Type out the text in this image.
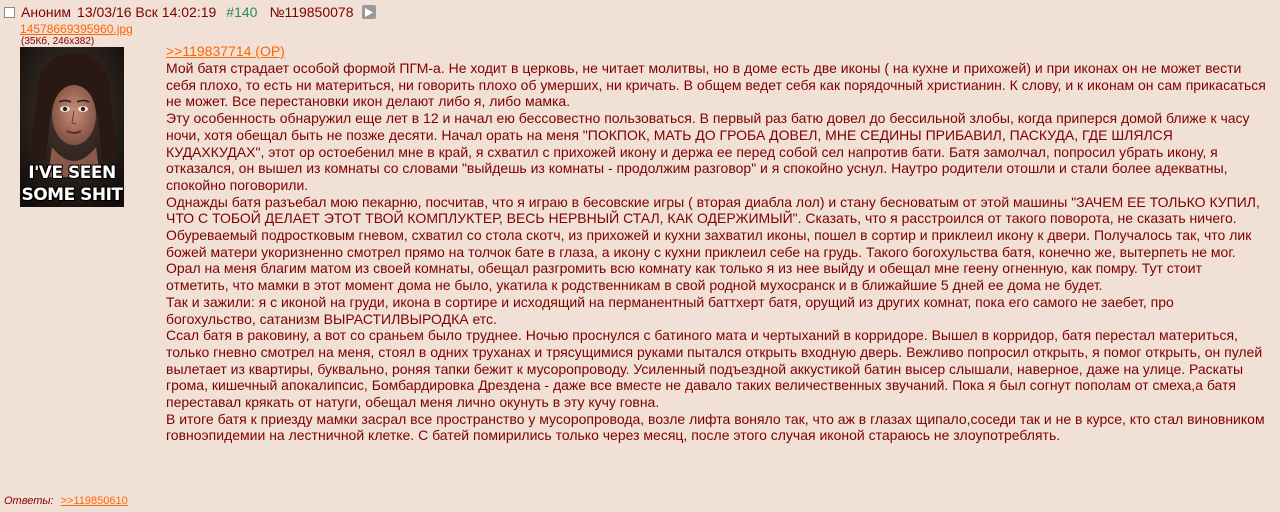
Аноним 13/03/16 Вск 14:02:19 #140 №119850078
14578669395960.jpg
(35Кб, 246x382)
I'VE SEEN
SOME SHIT
>>119837714 (OP)

Мой батя страдает особой формой ПГМ-а. Не ходит в церковь, не читает молитвы, но в доме есть две иконы ( на кухне и прихожей) и при иконах он не может вести себя плохо, то есть ни материться, ни говорить плохо об умерших, ни кричать. В общем ведет себя как порядочный христианин. К слову, и к иконам он сам прикасаться не может. Все перестановки икон делают либо я, либо мамка.

Эту особенность обнаружил еще лет в 12 и начал ею бессовестно пользоваться. В первый раз батю довел до бессильной злобы, когда приперся домой ближе к часу ночи, хотя обещал быть не позже десяти. Начал орать на меня "ПОКПОК, МАТЬ ДО ГРОБА ДОВЕЛ, МНЕ СЕДИНЫ ПРИБАВИЛ, ПАСКУДА, ГДЕ ШЛЯЛСЯ КУДАХКУДАХ", этот ор остоебенил мне в край, я схватил с прихожей икону и держа ее перед собой сел напротив бати. Батя замолчал, попросил убрать икону, я отказался, он вышел из комнаты со словами "выйдешь из комнаты - продолжим разговор" и я спокойно уснул. Наутро родители отошли и стали более адекватны, спокойно поговорили.

Однажды батя разъебал мою пекарню, посчитав, что я играю в бесовские игры ( вторая диабла лол) и стану бесноватым от этой машины "ЗАЧЕМ ЕЕ ТОЛЬКО КУПИЛ, ЧТО С ТОБОЙ ДЕЛАЕТ ЭТОТ ТВОЙ КОМПЛУКТЕР, ВЕСЬ НЕРВНЫЙ СТАЛ, КАК ОДЕРЖИМЫЙ". Сказать, что я расстроился от такого поворота, не сказать ничего. Обуреваемый подростковым гневом, схватил со стола скотч, из прихожей и кухни захватил иконы, пошел в сортир и приклеил икону к двери. Получалось так, что лик божей матери укоризненно смотрел прямо на толчок бате в глаза, а икону с кухни приклеил себе на грудь. Такого богохульства батя, конечно же, вытерпеть не мог. Орал на меня благим матом из своей комнаты, обещал разгромить всю комнату как только я из нее выйду и обещал мне геену огненную, как помру. Тут стоит отметить, что мамки в этот момент дома не было, укатила к родственникам в свой родной мухосранск и в ближайшие 5 дней ее дома не будет.

Так и зажили: я с иконой на груди, икона в сортире и исходящий на перманентный баттхерт батя, орущий из других комнат, пока его самого не заебет, про богохульство, сатанизм ВЫРАСТИЛВЫРОДКА етс.

Ссал батя в раковину, а вот со сраньем было труднее. Ночью проснулся с батиного мата и чертыханий в корридоре. Вышел в корридор, батя перестал материться, только гневно смотрел на меня, стоял в одних труханах и трясущимися руками пытался открыть входную дверь. Вежливо попросил открыть, я помог открыть, он пулей вылетает из квартиры, буквально, роняя тапки бежит к мусоропроводу. Усиленный подъездной аккустикой батин высер слышали, наверное, даже на улице. Раскаты грома, кишечный апокалипсис, Бомбардировка Дрездена - даже все вместе не давало таких величественных звучаний. Пока я был согнут пополам от смеха,а батя переставал крякать от натуги, обещал меня лично окунуть в эту кучу говна.

В итоге батя к приезду мамки засрал все пространство у мусоропровода, возле лифта воняло так, что аж в глазах щипало,соседи так и не в курсе, кто стал виновником говноэпидемии на лестничной клетке. С батей помирились только через месяц, после этого случая иконой стараюсь не злоупотреблять.

Ответы: >>119850610
